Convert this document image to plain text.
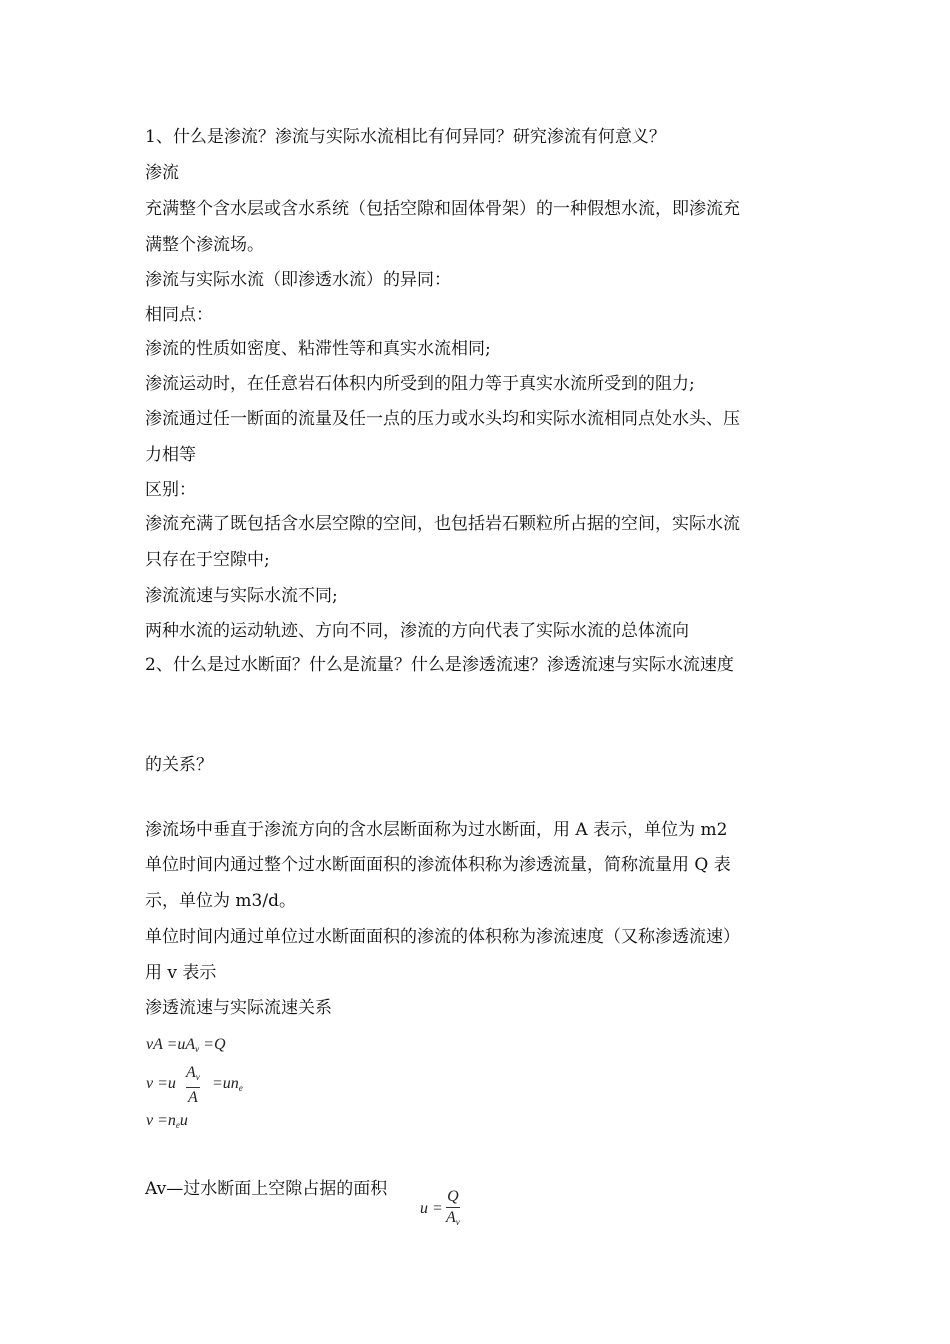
1、什么是渗流？渗流与实际水流相比有何异同？研究渗流有何意义？
渗流
充满整个含水层或含水系统（包括空隙和固体骨架）的一种假想水流，即渗流充
满整个渗流场。
渗流与实际水流（即渗透水流）的异同：
相同点：
渗流的性质如密度、粘滞性等和真实水流相同;
渗流运动时，在任意岩石体积内所受到的阻力等于真实水流所受到的阻力;
渗流通过任一断面的流量及任一点的压力或水头均和实际水流相同点处水头、压
力相等
区别：
渗流充满了既包括含水层空隙的空间，也包括岩石颗粒所占据的空间，实际水流
只存在于空隙中;
渗流流速与实际水流不同;
两种水流的运动轨迹、方向不同，渗流的方向代表了实际水流的总体流向
2、什么是过水断面？什么是流量？什么是渗透流速？渗透流速与实际水流速度
的关系？
渗流场中垂直于渗流方向的含水层断面称为过水断面，用 A 表示，单位为 m2
单位时间内通过整个过水断面面积的渗流体积称为渗透流量，简称流量用 Q 表
示，单位为 m3/d。
单位时间内通过单位过水断面面积的渗流的体积称为渗流速度（又称渗透流速）
用 v 表示
渗透流速与实际流速关系
vA $=uA_v =Q$
v =u
$A_v$
A
$=un_e$
$v =n_eu$
Av—过水断面上空隙占据的面积
u =
Q
$A_v$
